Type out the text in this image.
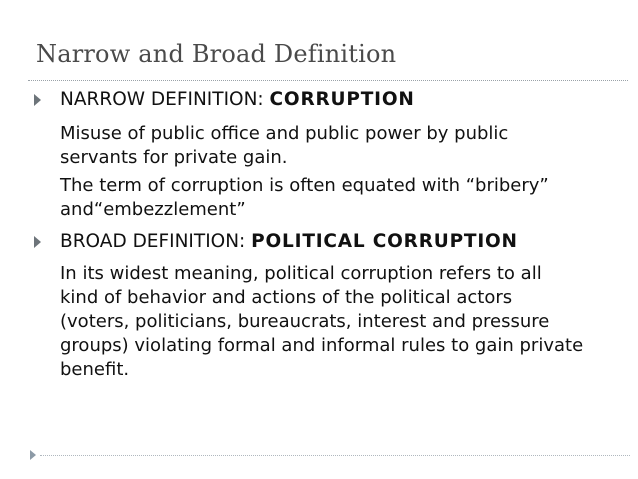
Narrow and Broad Definition
NARROW DEFINITION: CORRUPTION
Misuse of public office and public power by public
servants for private gain.
The term of corruption is often equated with “bribery”
and“embezzlement”
BROAD DEFINITION: POLITICAL CORRUPTION
In its widest meaning, political corruption refers to all
kind of behavior and actions of the political actors
(voters, politicians, bureaucrats, interest and pressure
groups) violating formal and informal rules to gain private
benefit.
